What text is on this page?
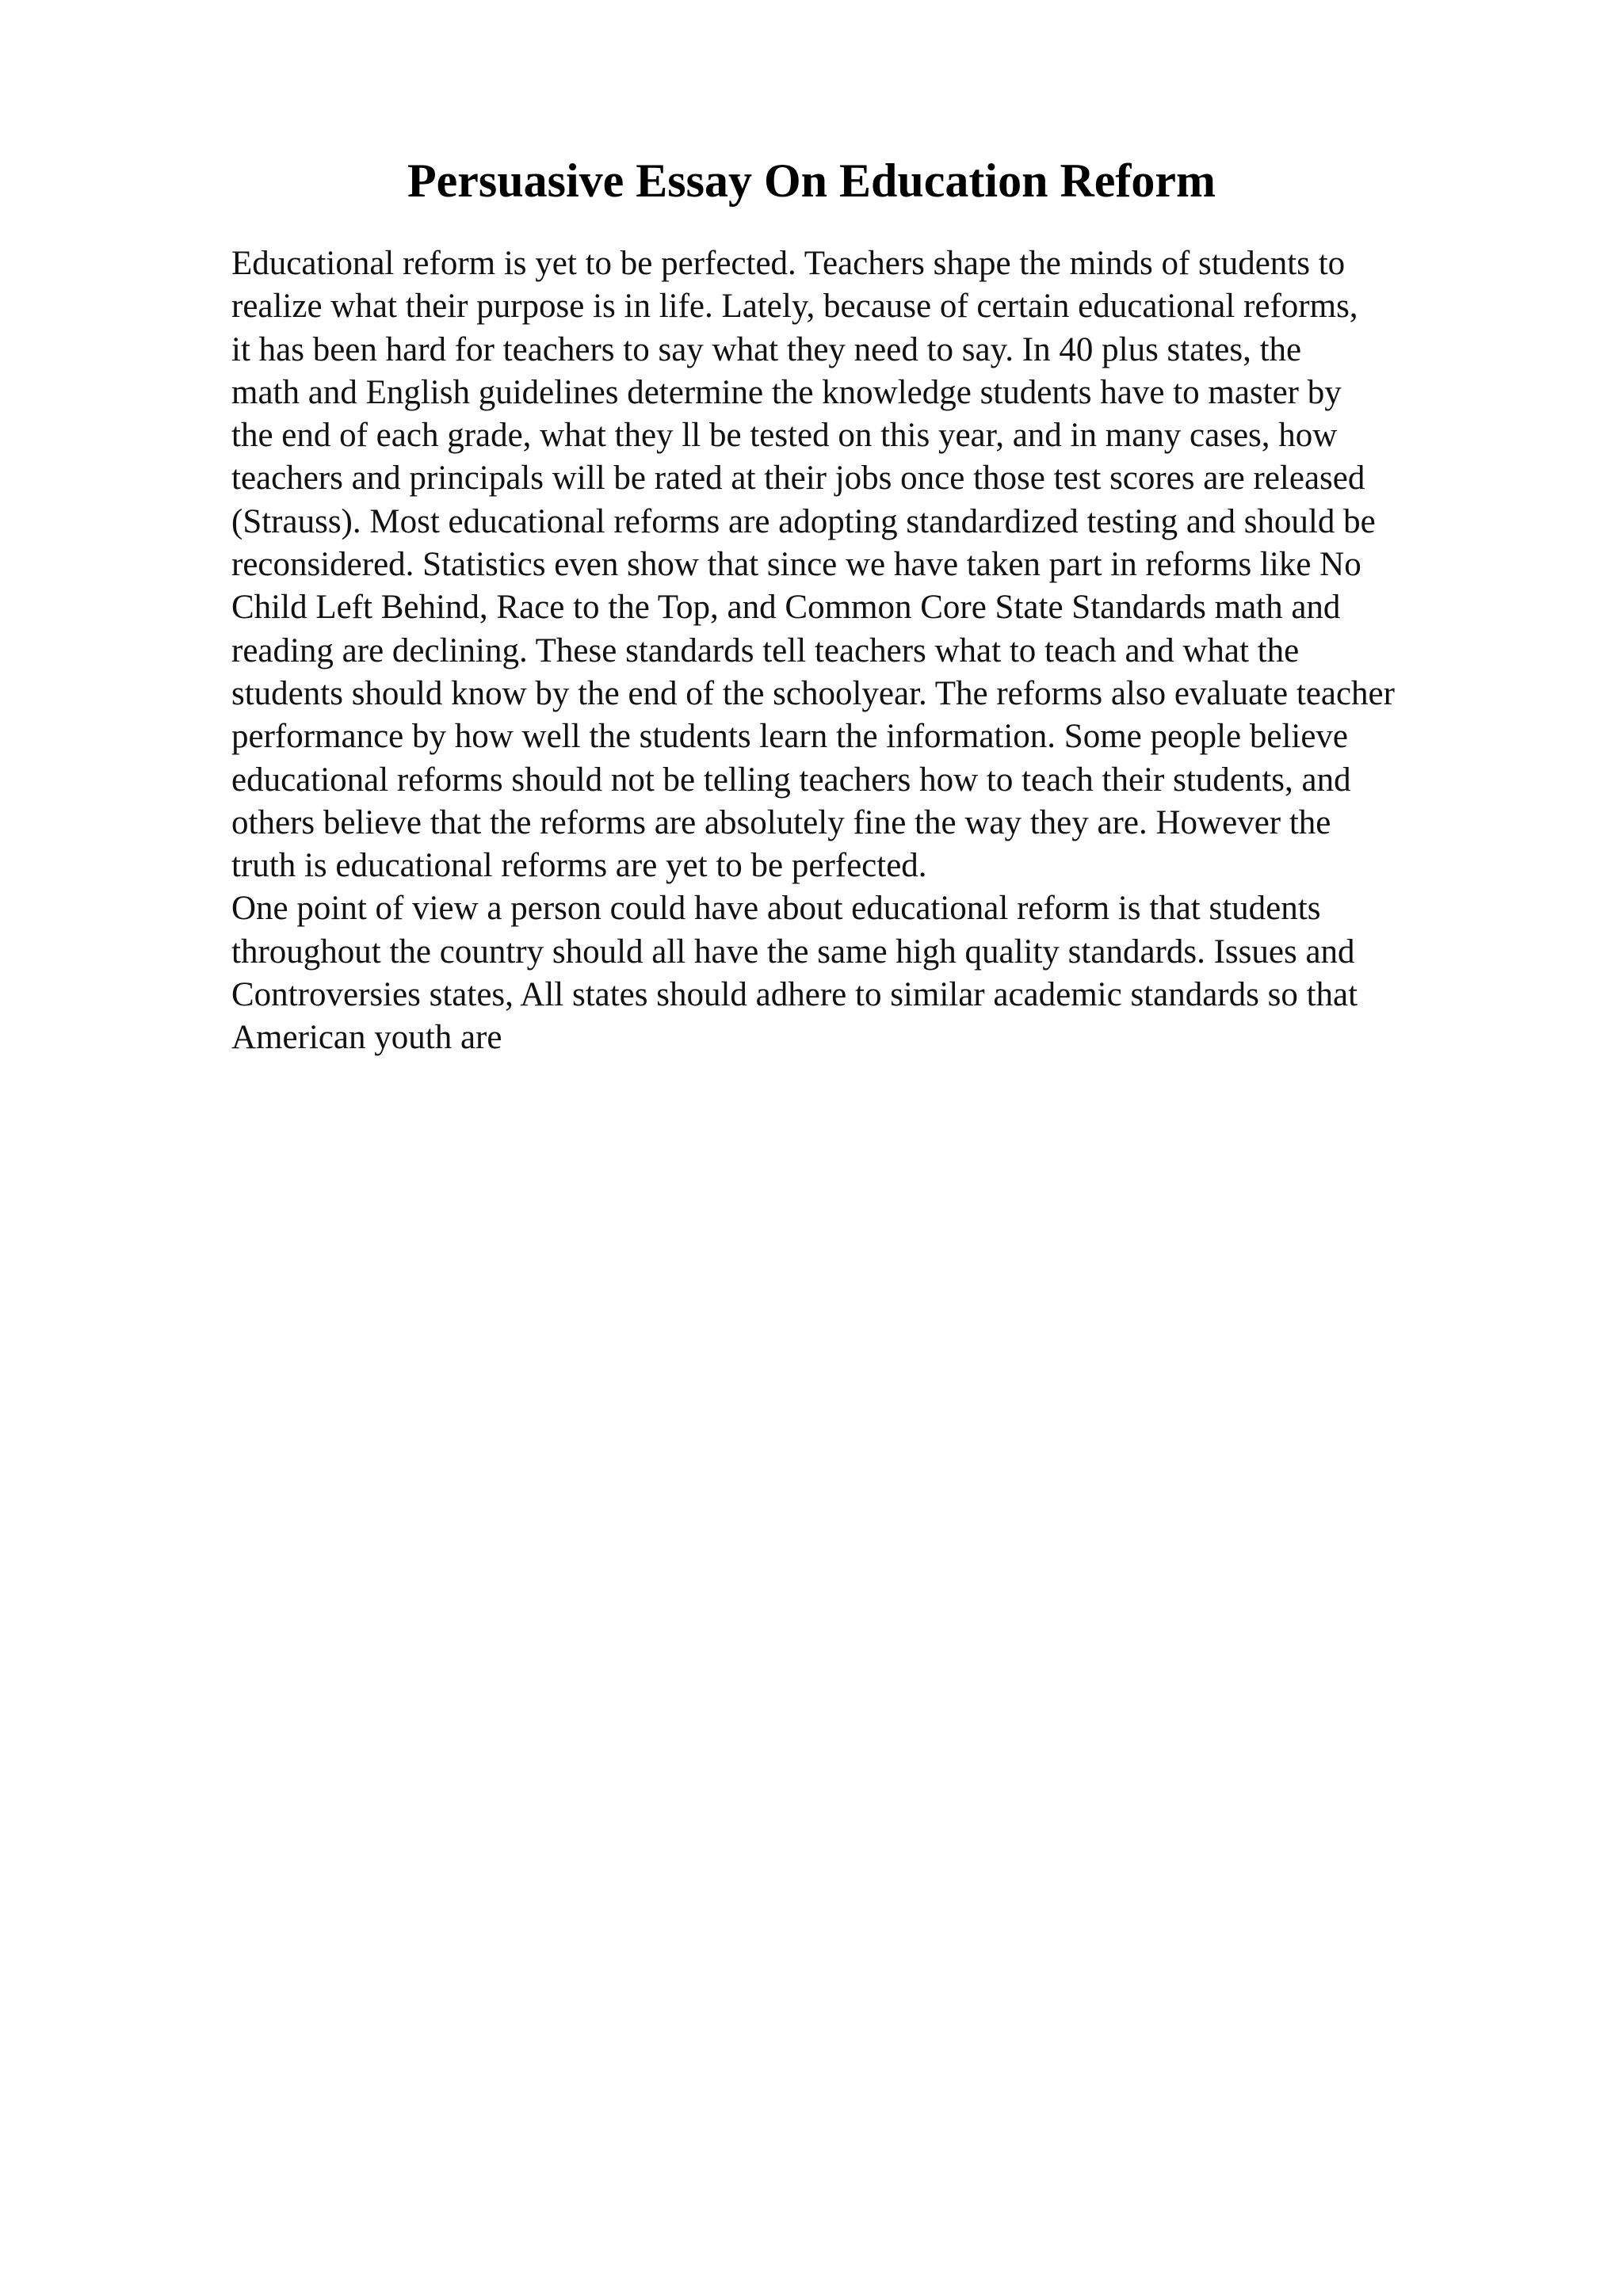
Persuasive Essay On Education Reform
Educational reform is yet to be perfected. Teachers shape the minds of students to
realize what their purpose is in life. Lately, because of certain educational reforms,
it has been hard for teachers to say what they need to say. In 40 plus states, the
math and English guidelines determine the knowledge students have to master by
the end of each grade, what they ll be tested on this year, and in many cases, how
teachers and principals will be rated at their jobs once those test scores are released
(Strauss). Most educational reforms are adopting standardized testing and should be
reconsidered. Statistics even show that since we have taken part in reforms like No
Child Left Behind, Race to the Top, and Common Core State Standards math and
reading are declining. These standards tell teachers what to teach and what the
students should know by the end of the schoolyear. The reforms also evaluate teacher
performance by how well the students learn the information. Some people believe
educational reforms should not be telling teachers how to teach their students, and
others believe that the reforms are absolutely fine the way they are. However the
truth is educational reforms are yet to be perfected.
One point of view a person could have about educational reform is that students
throughout the country should all have the same high quality standards. Issues and
Controversies states, All states should adhere to similar academic standards so that
American youth are
